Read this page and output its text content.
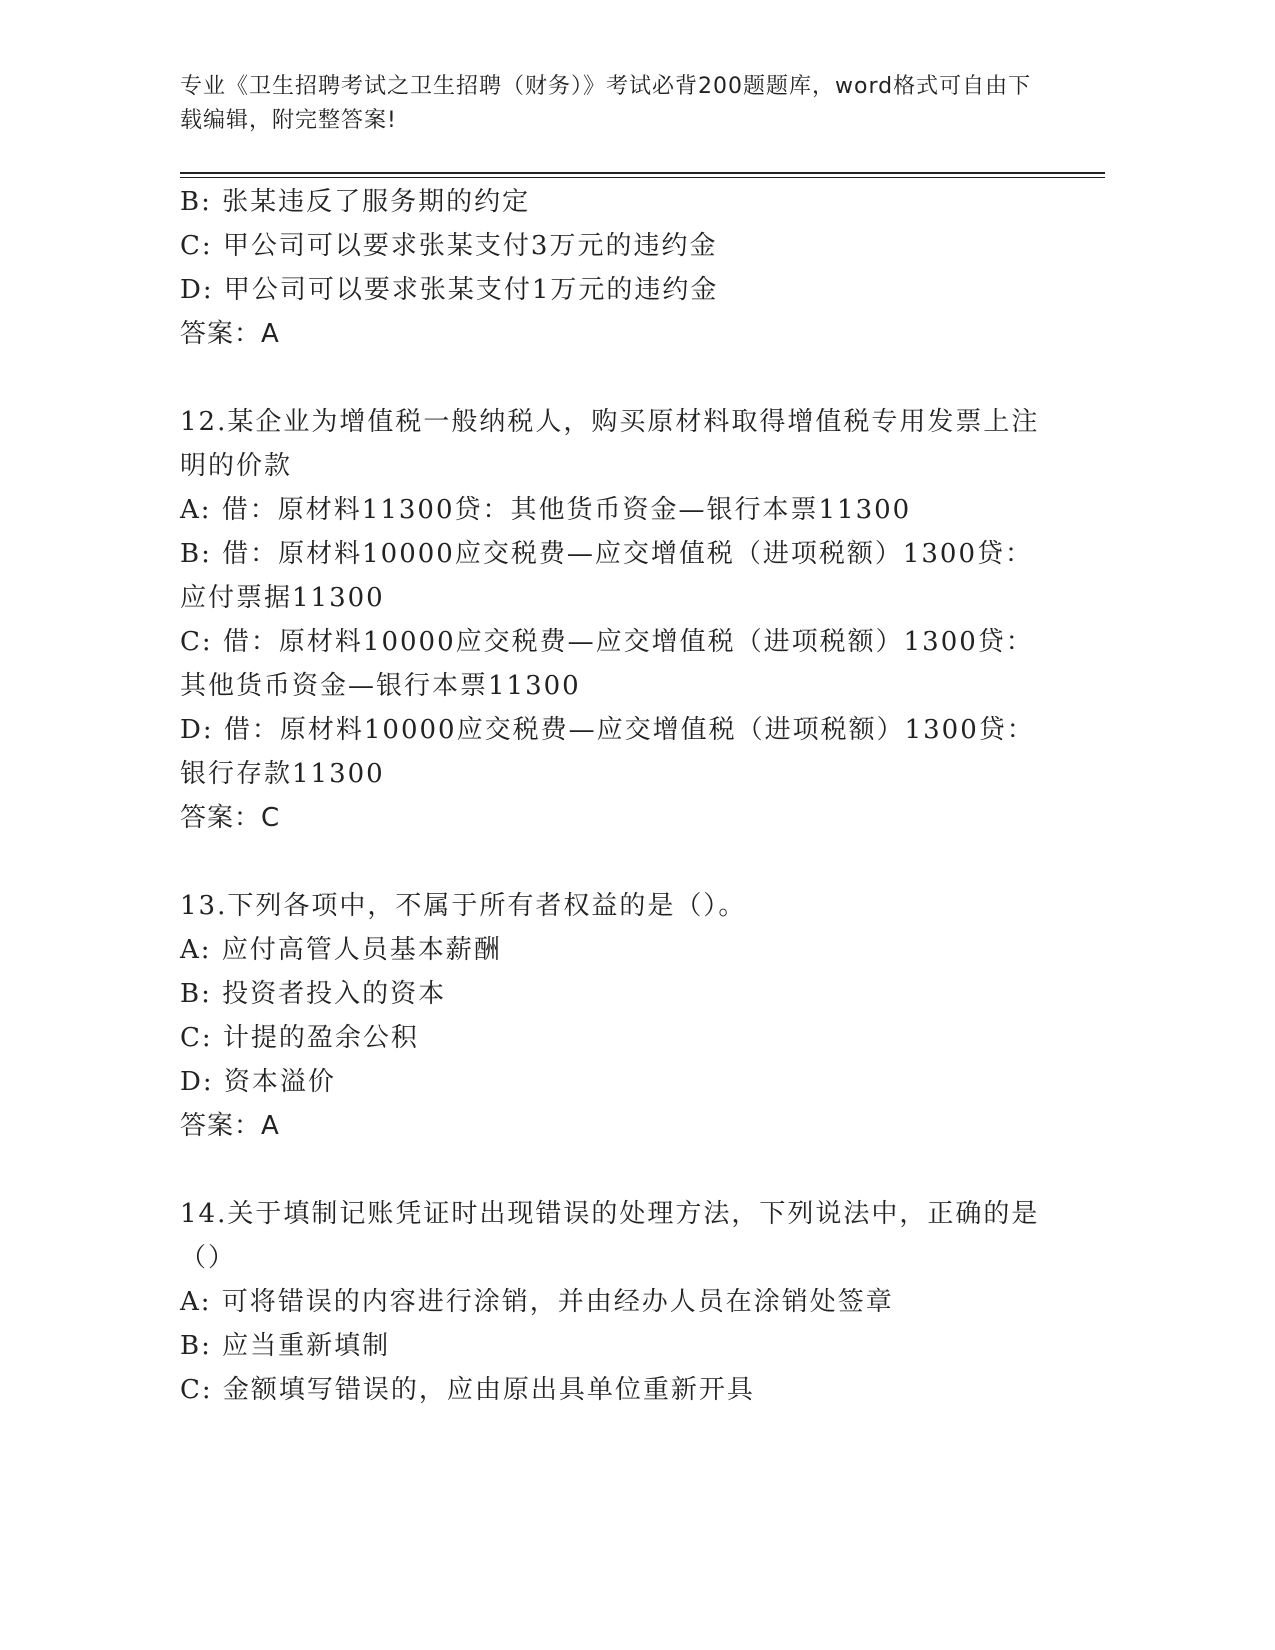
专业《卫生招聘考试之卫生招聘（财务）》考试必背200题题库，word格式可自由下载编辑，附完整答案!

B: 张某违反了服务期的约定

C: 甲公司可以要求张某支付3万元的违约金

D: 甲公司可以要求张某支付1万元的违约金

答案：A

12.某企业为增值税一般纳税人，购买原材料取得增值税专用发票上注明的价款

A: 借：原材料11300贷：其他货币资金—银行本票11300

B: 借：原材料10000应交税费—应交增值税（进项税额）1300贷：应付票据11300

C: 借：原材料10000应交税费—应交增值税（进项税额）1300贷：其他货币资金—银行本票11300

D: 借：原材料10000应交税费—应交增值税（进项税额）1300贷：银行存款11300

答案：C

13.下列各项中，不属于所有者权益的是（）。

A: 应付高管人员基本薪酬

B: 投资者投入的资本

C: 计提的盈余公积

D: 资本溢价

答案：A

14.关于填制记账凭证时出现错误的处理方法，下列说法中，正确的是（）

A: 可将错误的内容进行涂销，并由经办人员在涂销处签章

B: 应当重新填制

C: 金额填写错误的，应由原出具单位重新开具
